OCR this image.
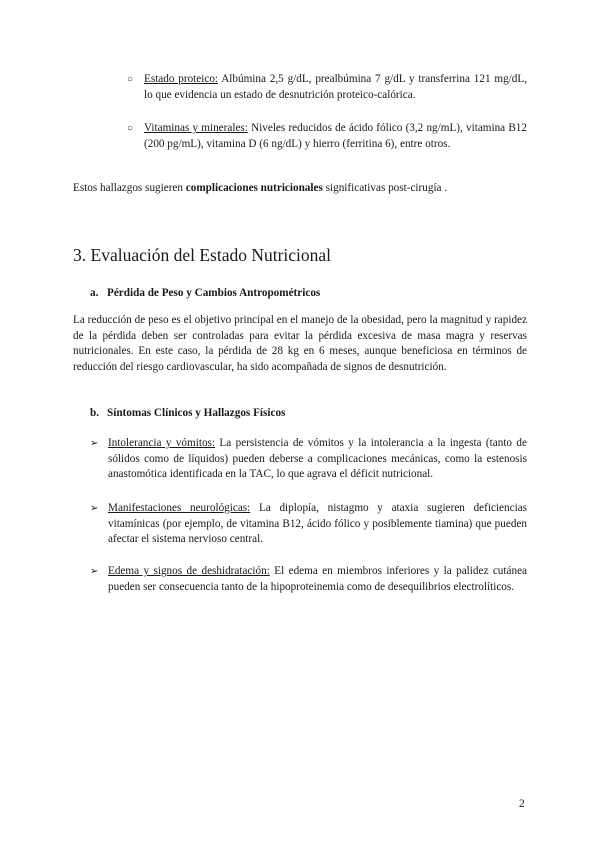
○ Estado proteico: Albúmina 2,5 g/dL, prealbúmina 7 g/dL y transferrina 121 mg/dL, lo que evidencia un estado de desnutrición proteico-calórica.
○ Vitaminas y minerales: Niveles reducidos de ácido fólico (3,2 ng/mL), vitamina B12 (200 pg/mL), vitamina D (6 ng/dL) y hierro (ferritina 6), entre otros.
Estos hallazgos sugieren complicaciones nutricionales significativas post-cirugía .
3. Evaluación del Estado Nutricional
a. Pérdida de Peso y Cambios Antropométricos
La reducción de peso es el objetivo principal en el manejo de la obesidad, pero la magnitud y rapidez de la pérdida deben ser controladas para evitar la pérdida excesiva de masa magra y reservas nutricionales. En este caso, la pérdida de 28 kg en 6 meses, aunque beneficiosa en términos de reducción del riesgo cardiovascular, ha sido acompañada de signos de desnutrición.
b. Síntomas Clínicos y Hallazgos Físicos
➢ Intolerancia y vómitos: La persistencia de vómitos y la intolerancia a la ingesta (tanto de sólidos como de líquidos) pueden deberse a complicaciones mecánicas, como la estenosis anastomótica identificada en la TAC, lo que agrava el déficit nutricional.
➢ Manifestaciones neurológicas: La diplopía, nistagmo y ataxia sugieren deficiencias vitamínicas (por ejemplo, de vitamina B12, ácido fólico y posiblemente tiamina) que pueden afectar el sistema nervioso central.
➢ Edema y signos de deshidratación: El edema en miembros inferiores y la palidez cutánea pueden ser consecuencia tanto de la hipoproteinemia como de desequilibrios electrolíticos.
2
